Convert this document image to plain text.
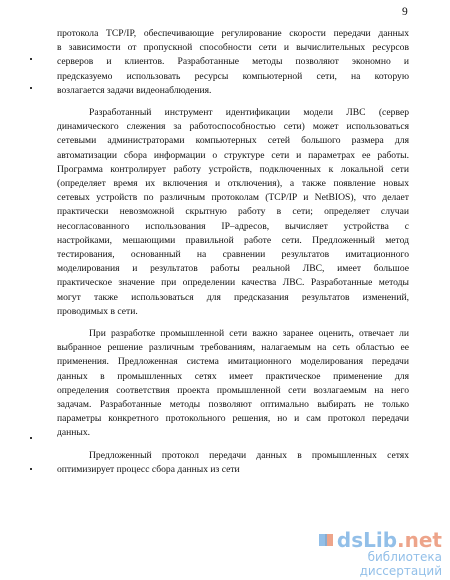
9
протокола TCP/IP, обеспечивающие регулирование скорости передачи данных
в зависимости от пропускной способности сети и вычислительных ресурсов
серверов и клиентов. Разработанные методы позволяют экономно и
предсказуемо использовать ресурсы компьютерной сети, на которую
возлагается задачи видеонаблюдения.
Разработанный инструмент идентификации модели ЛВС (сервер
динамического слежения за работоспособностью сети) может использоваться
сетевыми администраторами компьютерных сетей большого размера для
автоматизации сбора информации о структуре сети и параметрах ее работы.
Программа контролирует работу устройств, подключенных к локальной сети
(определяет время их включения и отключения), а также появление новых
сетевых устройств по различным протоколам (TCP/IP и NetBIOS), что делает
практически невозможной скрытную работу в сети; определяет случаи
несогласованного использования IP–адресов, вычисляет устройства с
настройками, мешающими правильной работе сети. Предложенный метод
тестирования, основанный на сравнении результатов имитационного
моделирования и результатов работы реальной ЛВС, имеет большое
практическое значение при определении качества ЛВС. Разработанные методы
могут также использоваться для предсказания результатов изменений,
проводимых в сети.
При разработке промышленной сети важно заранее оценить, отвечает ли
выбранное решение различным требованиям, налагаемым на сеть областью ее
применения. Предложенная система имитационного моделирования передачи
данных в промышленных сетях имеет практическое применение для
определения соответствия проекта промышленной сети возлагаемым на него
задачам. Разработанные методы позволяют оптимально выбирать не только
параметры конкретного протокольного решения, но и сам протокол передачи
данных.
Предложенный протокол передачи данных в промышленных сетях
оптимизирует процесс сбора данных из сети
dsLib.net
библиотека диссертаций
